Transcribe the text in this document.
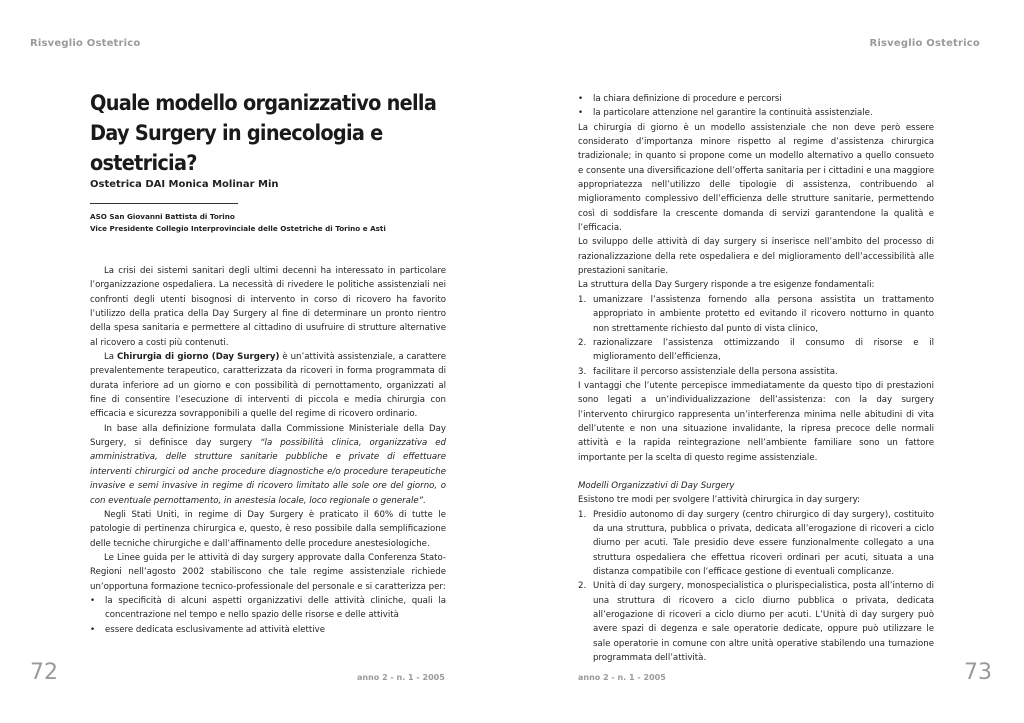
Risveglio Ostetrico	Risveglio Ostetrico
Quale modello organizzativo nella Day Surgery in ginecologia e ostetricia?
Ostetrica DAI Monica Molinar Min
ASO San Giovanni Battista di Torino
Vice Presidente Collegio Interprovinciale delle Ostetriche di Torino e Asti

La crisi dei sistemi sanitari degli ultimi decenni ha interessato in particolare l’organizzazione ospedaliera. La necessità di rivedere le politiche assistenziali nei confronti degli utenti bisognosi di intervento in corso di ricovero ha favorito l’utilizzo della pratica della Day Surgery al fine di determinare un pronto rientro della spesa sanitaria e permettere al cittadino di usufruire di strutture alternative al ricovero a costi più contenuti.

La Chirurgia di giorno (Day Surgery) è un’attività assistenziale, a carattere prevalentemente terapeutico, caratterizzata da ricoveri in forma programmata di durata inferiore ad un giorno e con possibilità di pernottamento, organizzati al fine di consentire l’esecuzione di interventi di piccola e media chirurgia con efficacia e sicurezza sovrapponibili a quelle del regime di ricovero ordinario.

In base alla definizione formulata dalla Commissione Ministeriale della Day Surgery, si definisce day surgery “la possibilità clinica, organizzativa ed amministrativa, delle strutture sanitarie pubbliche e private di effettuare interventi chirurgici od anche procedure diagnostiche e/o procedure terapeutiche invasive e semi invasive in regime di ricovero limitato alle sole ore del giorno, o con eventuale pernottamento, in anestesia locale, loco regionale o generale”.

Negli Stati Uniti, in regime di Day Surgery è praticato il 60% di tutte le patologie di pertinenza chirurgica e, questo, è reso possibile dalla semplificazione delle tecniche chirurgiche e dall’affinamento delle procedure anestesiologiche.

Le Linee guida per le attività di day surgery approvate dalla Conferenza Stato-Regioni nell’agosto 2002 stabiliscono che tale regime assistenziale richiede un’opportuna formazione tecnico-professionale del personale e si caratterizza per:

• la specificità di alcuni aspetti organizzativi delle attività cliniche, quali la concentrazione nel tempo e nello spazio delle risorse e delle attività
• essere dedicata esclusivamente ad attività elettive
• la chiara definizione di procedure e percorsi
• la particolare attenzione nel garantire la continuità assistenziale.

La chirurgia di giorno è un modello assistenziale che non deve però essere considerato d’importanza minore rispetto al regime d’assistenza chirurgica tradizionale; in quanto si propone come un modello alternativo a quello consueto e consente una diversificazione dell’offerta sanitaria per i cittadini e una maggiore appropriatezza nell’utilizzo delle tipologie di assistenza, contribuendo al miglioramento complessivo dell’efficienza delle strutture sanitarie, permettendo così di soddisfare la crescente domanda di servizi garantendone la qualità e l’efficacia.

Lo sviluppo delle attività di day surgery si inserisce nell’ambito del processo di razionalizzazione della rete ospedaliera e del miglioramento dell’accessibilità alle prestazioni sanitarie.

La struttura della Day Surgery risponde a tre esigenze fondamentali:

1. umanizzare l’assistenza fornendo alla persona assistita un trattamento appropriato in ambiente protetto ed evitando il ricovero notturno in quanto non strettamente richiesto dal punto di vista clinico,
2. razionalizzare l’assistenza ottimizzando il consumo di risorse e il miglioramento dell’efficienza,
3. facilitare il percorso assistenziale della persona assistita.

I vantaggi che l’utente percepisce immediatamente da questo tipo di prestazioni sono legati a un’individualizzazione dell’assistenza: con la day surgery l’intervento chirurgico rappresenta un’interferenza minima nelle abitudini di vita dell’utente e non una situazione invalidante, la ripresa precoce delle normali attività e la rapida reintegrazione nell’ambiente familiare sono un fattore importante per la scelta di questo regime assistenziale.

Modelli Organizzativi di Day Surgery

Esistono tre modi per svolgere l’attività chirurgica in day surgery:

1. Presidio autonomo di day surgery (centro chirurgico di day surgery), costituito da una struttura, pubblica o privata, dedicata all’erogazione di ricoveri a ciclo diurno per acuti. Tale presidio deve essere funzionalmente collegato a una struttura ospedaliera che effettua ricoveri ordinari per acuti, situata a una distanza compatibile con l’efficace gestione di eventuali complicanze.
2. Unità di day surgery, monospecialistica o plurispecialistica, posta all’interno di una struttura di ricovero a ciclo diurno pubblica o privata, dedicata all’erogazione di ricoveri a ciclo diurno per acuti. L’Unità di day surgery può avere spazi di degenza e sale operatorie dedicate, oppure può utilizzare le sale operatorie in comune con altre unità operative stabilendo una turnazione programmata dell’attività.
72	anno 2 - n. 1 - 2005	anno 2 - n. 1 - 2005	73
